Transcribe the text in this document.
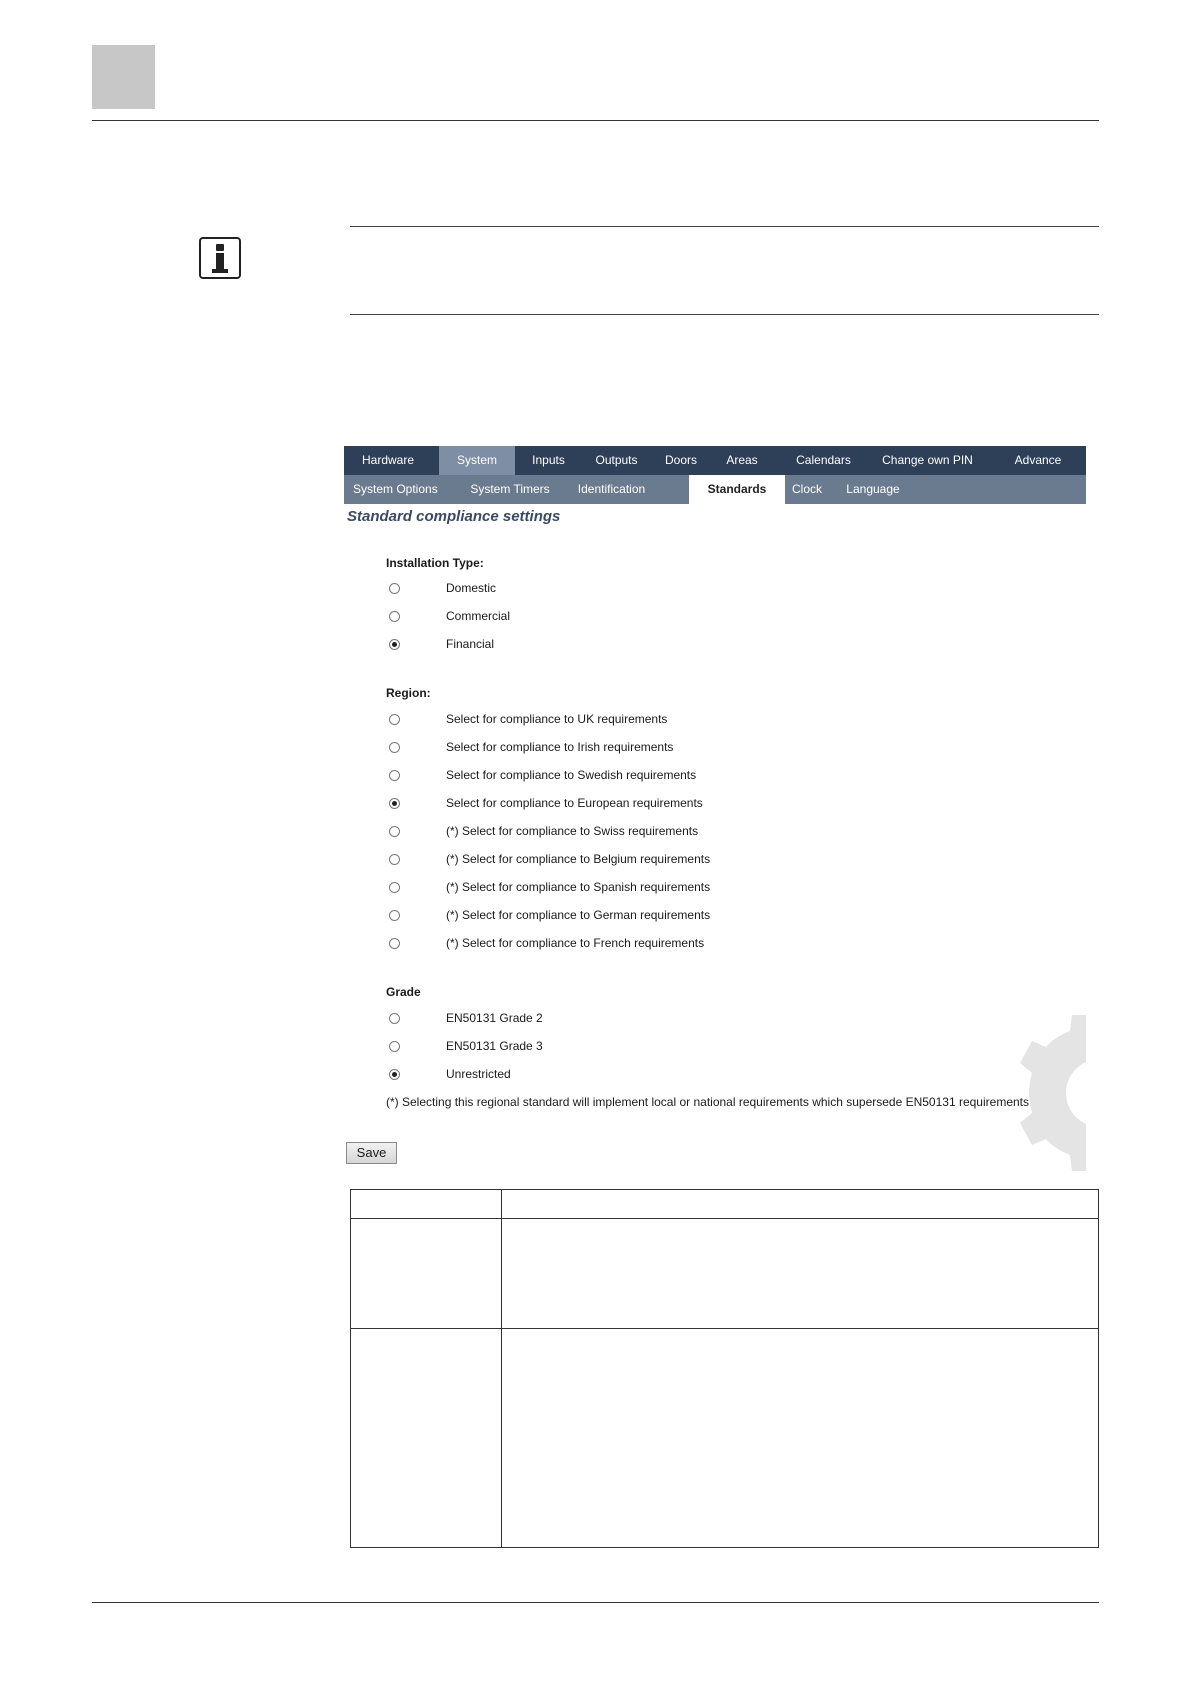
Hardware	System	Inputs	Outputs	Doors	Areas	Calendars	Change own PIN	Advance
System Options	System Timers	Identification	Standards	Clock	Language
Standard compliance settings
Installation Type:
Domestic
Commercial
Financial
Region:
Select for compliance to UK requirements
Select for compliance to Irish requirements
Select for compliance to Swedish requirements
Select for compliance to European requirements
(*) Select for compliance to Swiss requirements
(*) Select for compliance to Belgium requirements
(*) Select for compliance to Spanish requirements
(*) Select for compliance to German requirements
(*) Select for compliance to French requirements
Grade
EN50131 Grade 2
EN50131 Grade 3
Unrestricted
(*) Selecting this regional standard will implement local or national requirements which supersede EN50131 requirements
Save
